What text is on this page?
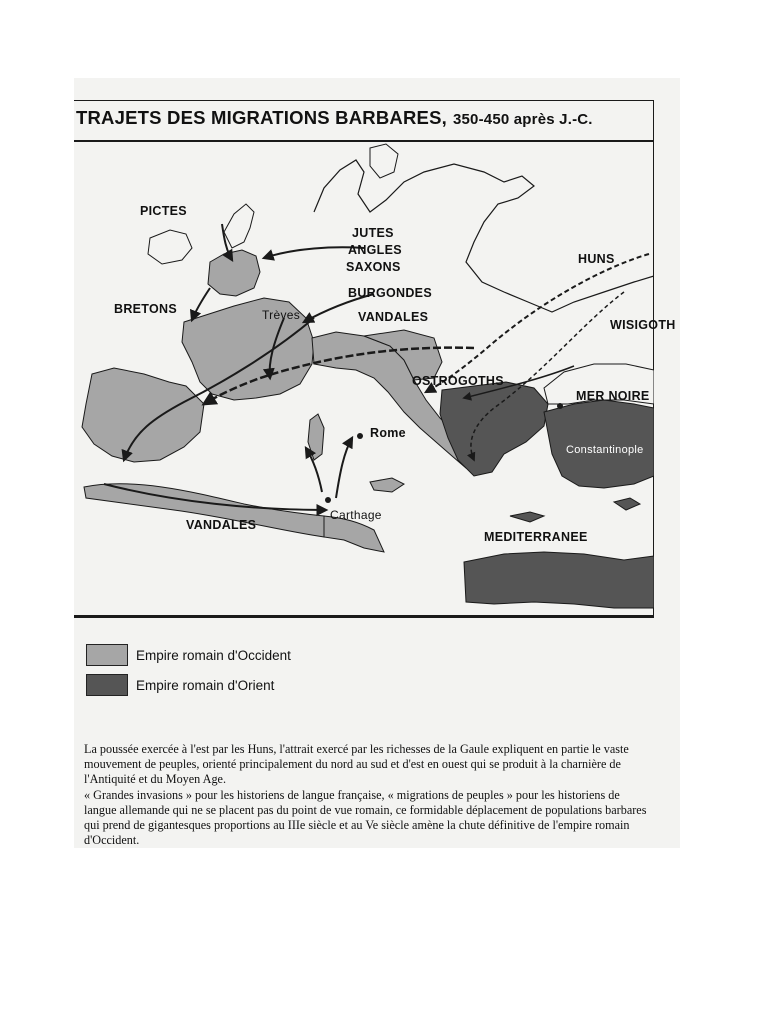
TRAJETS DES MIGRATIONS BARBARES, 350-450 après J.-C.
PICTES
JUTES
ANGLES
SAXONS
HUNS
BRETONS
BURGONDES
VANDALES
Trèves
WISIGOTH
OSTROGOTHS
MER NOIRE
Rome
Constantinople
Carthage
VANDALES
MEDITERRANEE
Empire romain d'Occident
Empire romain d'Orient

La poussée exercée à l'est par les Huns, l'attrait exercé par les richesses de la Gaule expliquent en partie le vaste mouvement de peuples, orienté principalement du nord au sud et d'est en ouest qui se produit à la charnière de l'Antiquité et du Moyen Age.

« Grandes invasions » pour les historiens de langue française, « migrations de peuples » pour les historiens de langue allemande qui ne se placent pas du point de vue romain, ce formidable déplacement de populations barbares qui prend de gigantesques proportions au IIIe siècle et au Ve siècle amène la chute définitive de l'empire romain d'Occident.
